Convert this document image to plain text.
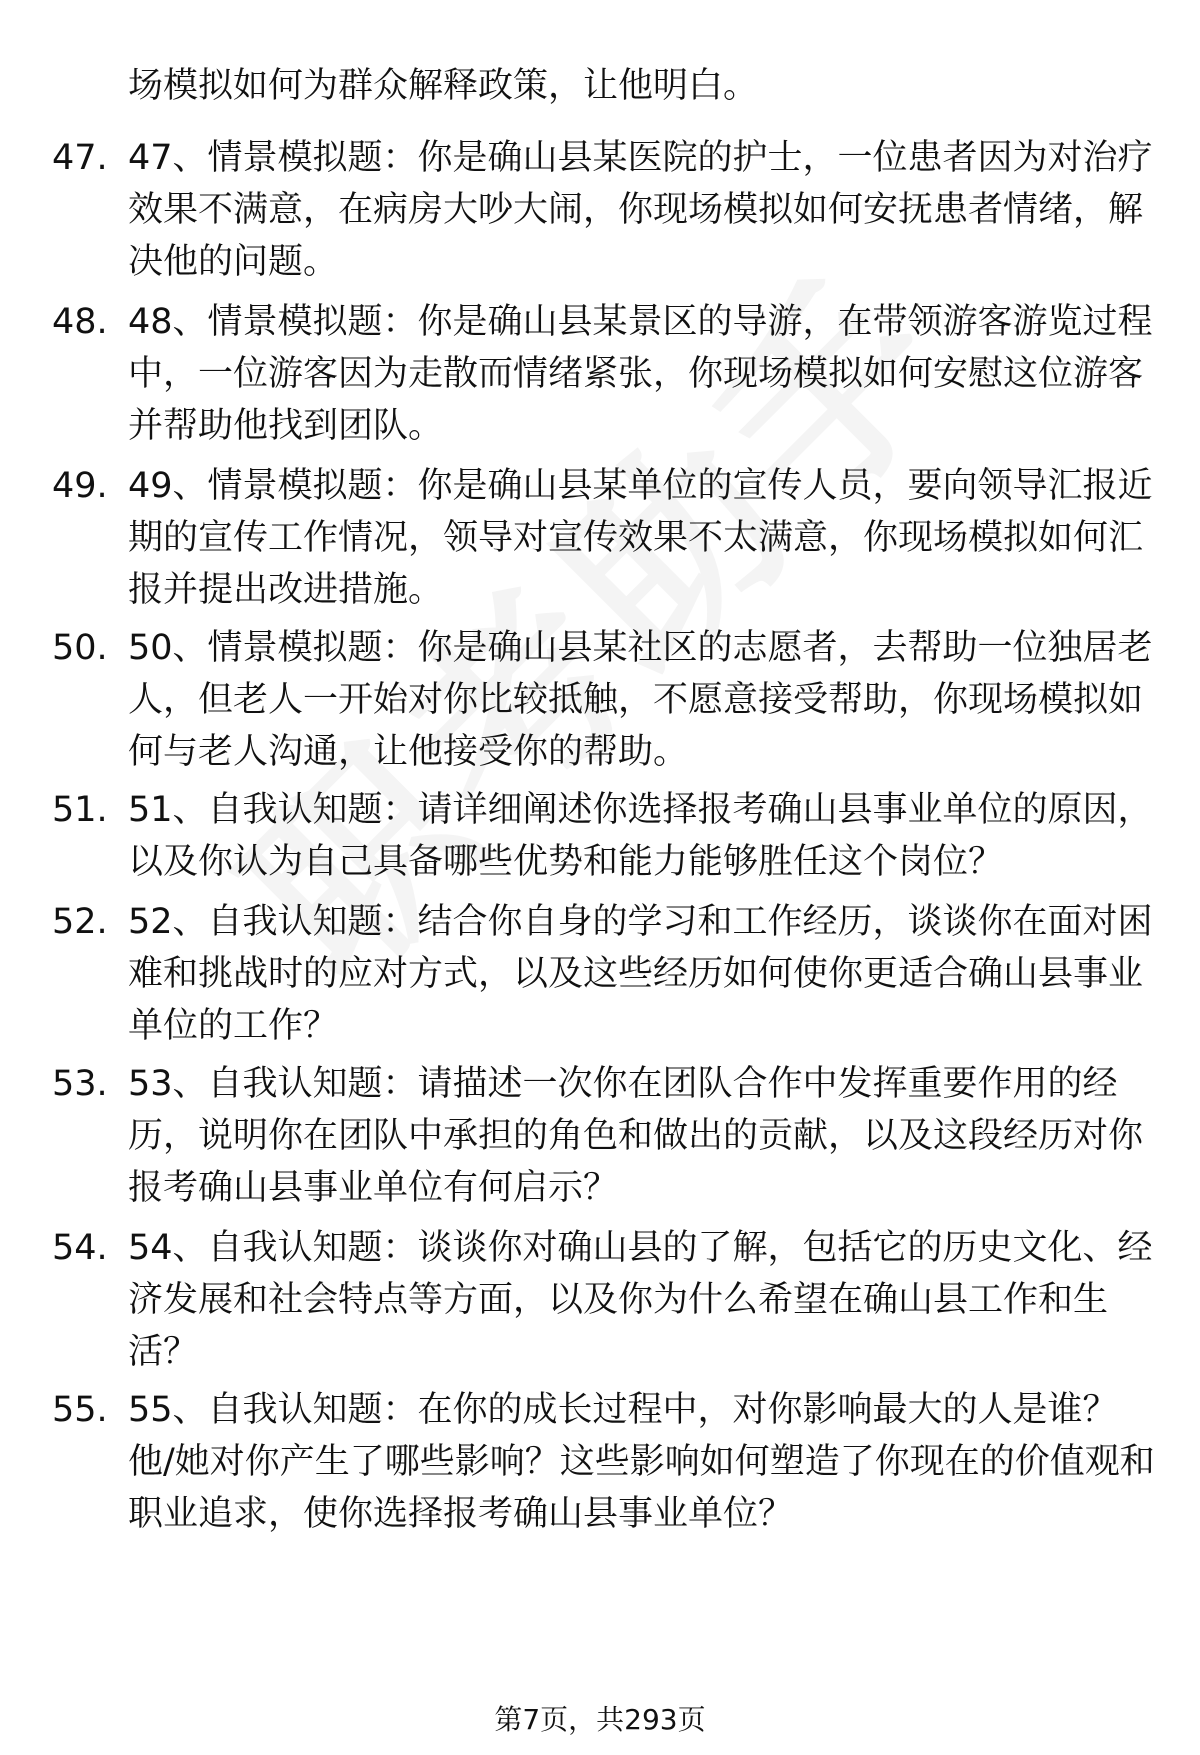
场模拟如何为群众解释政策，让他明白。
47. 47、情景模拟题：你是确山县某医院的护士，一位患者因为对治疗效果不满意，在病房大吵大闹，你现场模拟如何安抚患者情绪，解决他的问题。
48. 48、情景模拟题：你是确山县某景区的导游，在带领游客游览过程中，一位游客因为走散而情绪紧张，你现场模拟如何安慰这位游客并帮助他找到团队。
49. 49、情景模拟题：你是确山县某单位的宣传人员，要向领导汇报近期的宣传工作情况，领导对宣传效果不太满意，你现场模拟如何汇报并提出改进措施。
50. 50、情景模拟题：你是确山县某社区的志愿者，去帮助一位独居老人，但老人一开始对你比较抵触，不愿意接受帮助，你现场模拟如何与老人沟通，让他接受你的帮助。
51. 51、自我认知题：请详细阐述你选择报考确山县事业单位的原因，以及你认为自己具备哪些优势和能力能够胜任这个岗位？
52. 52、自我认知题：结合你自身的学习和工作经历，谈谈你在面对困难和挑战时的应对方式，以及这些经历如何使你更适合确山县事业单位的工作？
53. 53、自我认知题：请描述一次你在团队合作中发挥重要作用的经历，说明你在团队中承担的角色和做出的贡献，以及这段经历对你报考确山县事业单位有何启示？
54. 54、自我认知题：谈谈你对确山县的了解，包括它的历史文化、经济发展和社会特点等方面，以及你为什么希望在确山县工作和生活？
55. 55、自我认知题：在你的成长过程中，对你影响最大的人是谁？他/她对你产生了哪些影响？这些影响如何塑造了你现在的价值观和职业追求，使你选择报考确山县事业单位？
第7页，共293页
